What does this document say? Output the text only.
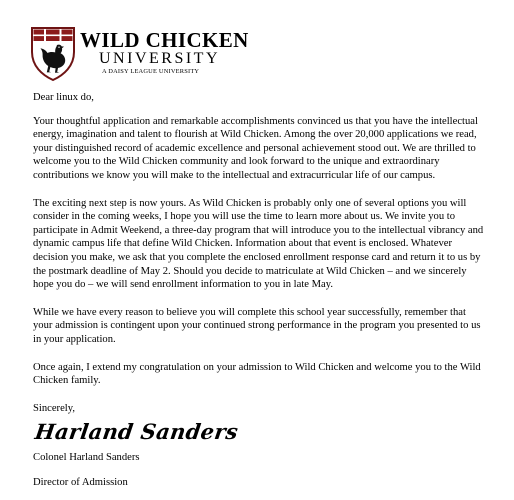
WILD CHICKEN
UNIVERSITY
A DAISY LEAGUE UNIVERSITY

Dear linux do,

Your thoughtful application and remarkable accomplishments convinced us that you have the intellectual energy, imagination and talent to flourish at Wild Chicken. Among the over 20,000 applications we read, your distinguished record of academic excellence and personal achievement stood out. We are thrilled to welcome you to the Wild Chicken community and look forward to the unique and extraordinary contributions we know you will make to the intellectual and extracurricular life of our campus.

The exciting next step is now yours. As Wild Chicken is probably only one of several options you will consider in the coming weeks, I hope you will use the time to learn more about us. We invite you to participate in Admit Weekend, a three-day program that will introduce you to the intellectual vibrancy and dynamic campus life that define Wild Chicken. Information about that event is enclosed. Whatever decision you make, we ask that you complete the enclosed enrollment response card and return it to us by the postmark deadline of May 2. Should you decide to matriculate at Wild Chicken – and we sincerely hope you do – we will send enrollment information to you in late May.

While we have every reason to believe you will complete this school year successfully, remember that your admission is contingent upon your continued strong performance in the program you presented to us in your application.

Once again, I extend my congratulation on your admission to Wild Chicken and welcome you to the Wild Chicken family.

Sincerely,

Harland Sanders

Colonel Harland Sanders

Director of Admission
